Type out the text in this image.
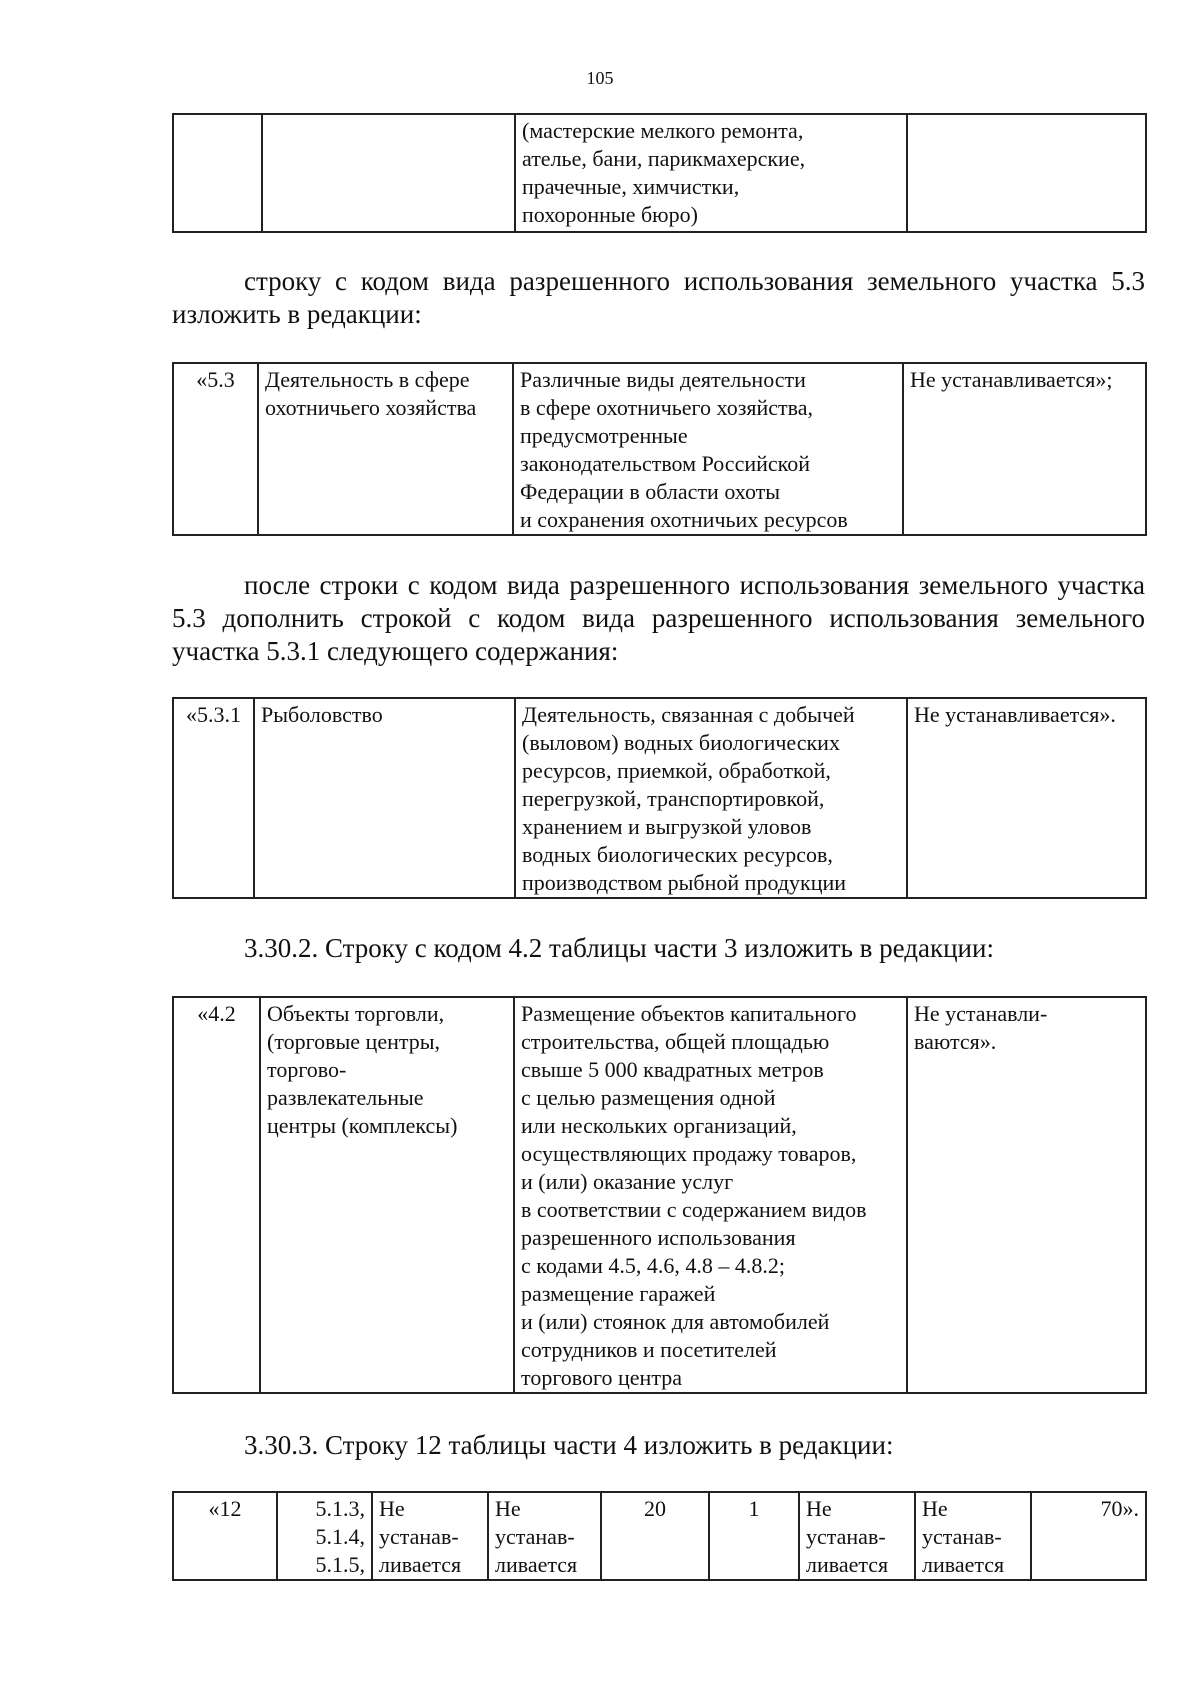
105
		(мастерские мелкого ремонта,
ателье, бани, парикмахерские,
прачечные, химчистки,
похоронные бюро)	
строку с кодом вида разрешенного использования земельного участка 5.3 изложить в редакции:
«5.3	Деятельность в сфере
охотничьего хозяйства	Различные виды деятельности
в сфере охотничьего хозяйства,
предусмотренные
законодательством Российской
Федерации в области охоты
и сохранения охотничьих ресурсов	Не устанавливается»;
после строки с кодом вида разрешенного использования земельного участка 5.3 дополнить строкой с кодом вида разрешенного использования земельного участка 5.3.1 следующего содержания:
«5.3.1	Рыболовство	Деятельность, связанная с добычей
(выловом) водных биологических
ресурсов, приемкой, обработкой,
перегрузкой, транспортировкой,
хранением и выгрузкой уловов
водных биологических ресурсов,
производством рыбной продукции	Не устанавливается».
3.30.2. Строку с кодом 4.2 таблицы части 3 изложить в редакции:
«4.2	Объекты торговли,
(торговые центры,
торгово-
развлекательные
центры (комплексы)	Размещение объектов капитального
строительства, общей площадью
свыше 5 000 квадратных метров
с целью размещения одной
или нескольких организаций,
осуществляющих продажу товаров,
и (или) оказание услуг
в соответствии с содержанием видов
разрешенного использования
с кодами 4.5, 4.6, 4.8 – 4.8.2;
размещение гаражей
и (или) стоянок для автомобилей
сотрудников и посетителей
торгового центра	Не устанавли-
ваются».
3.30.3. Строку 12 таблицы части 4 изложить в редакции:
«12	5.1.3,
5.1.4,
5.1.5,	Не
устанав-
ливается	Не
устанав-
ливается	20	1	Не
устанав-
ливается	Не
устанав-
ливается	70».
